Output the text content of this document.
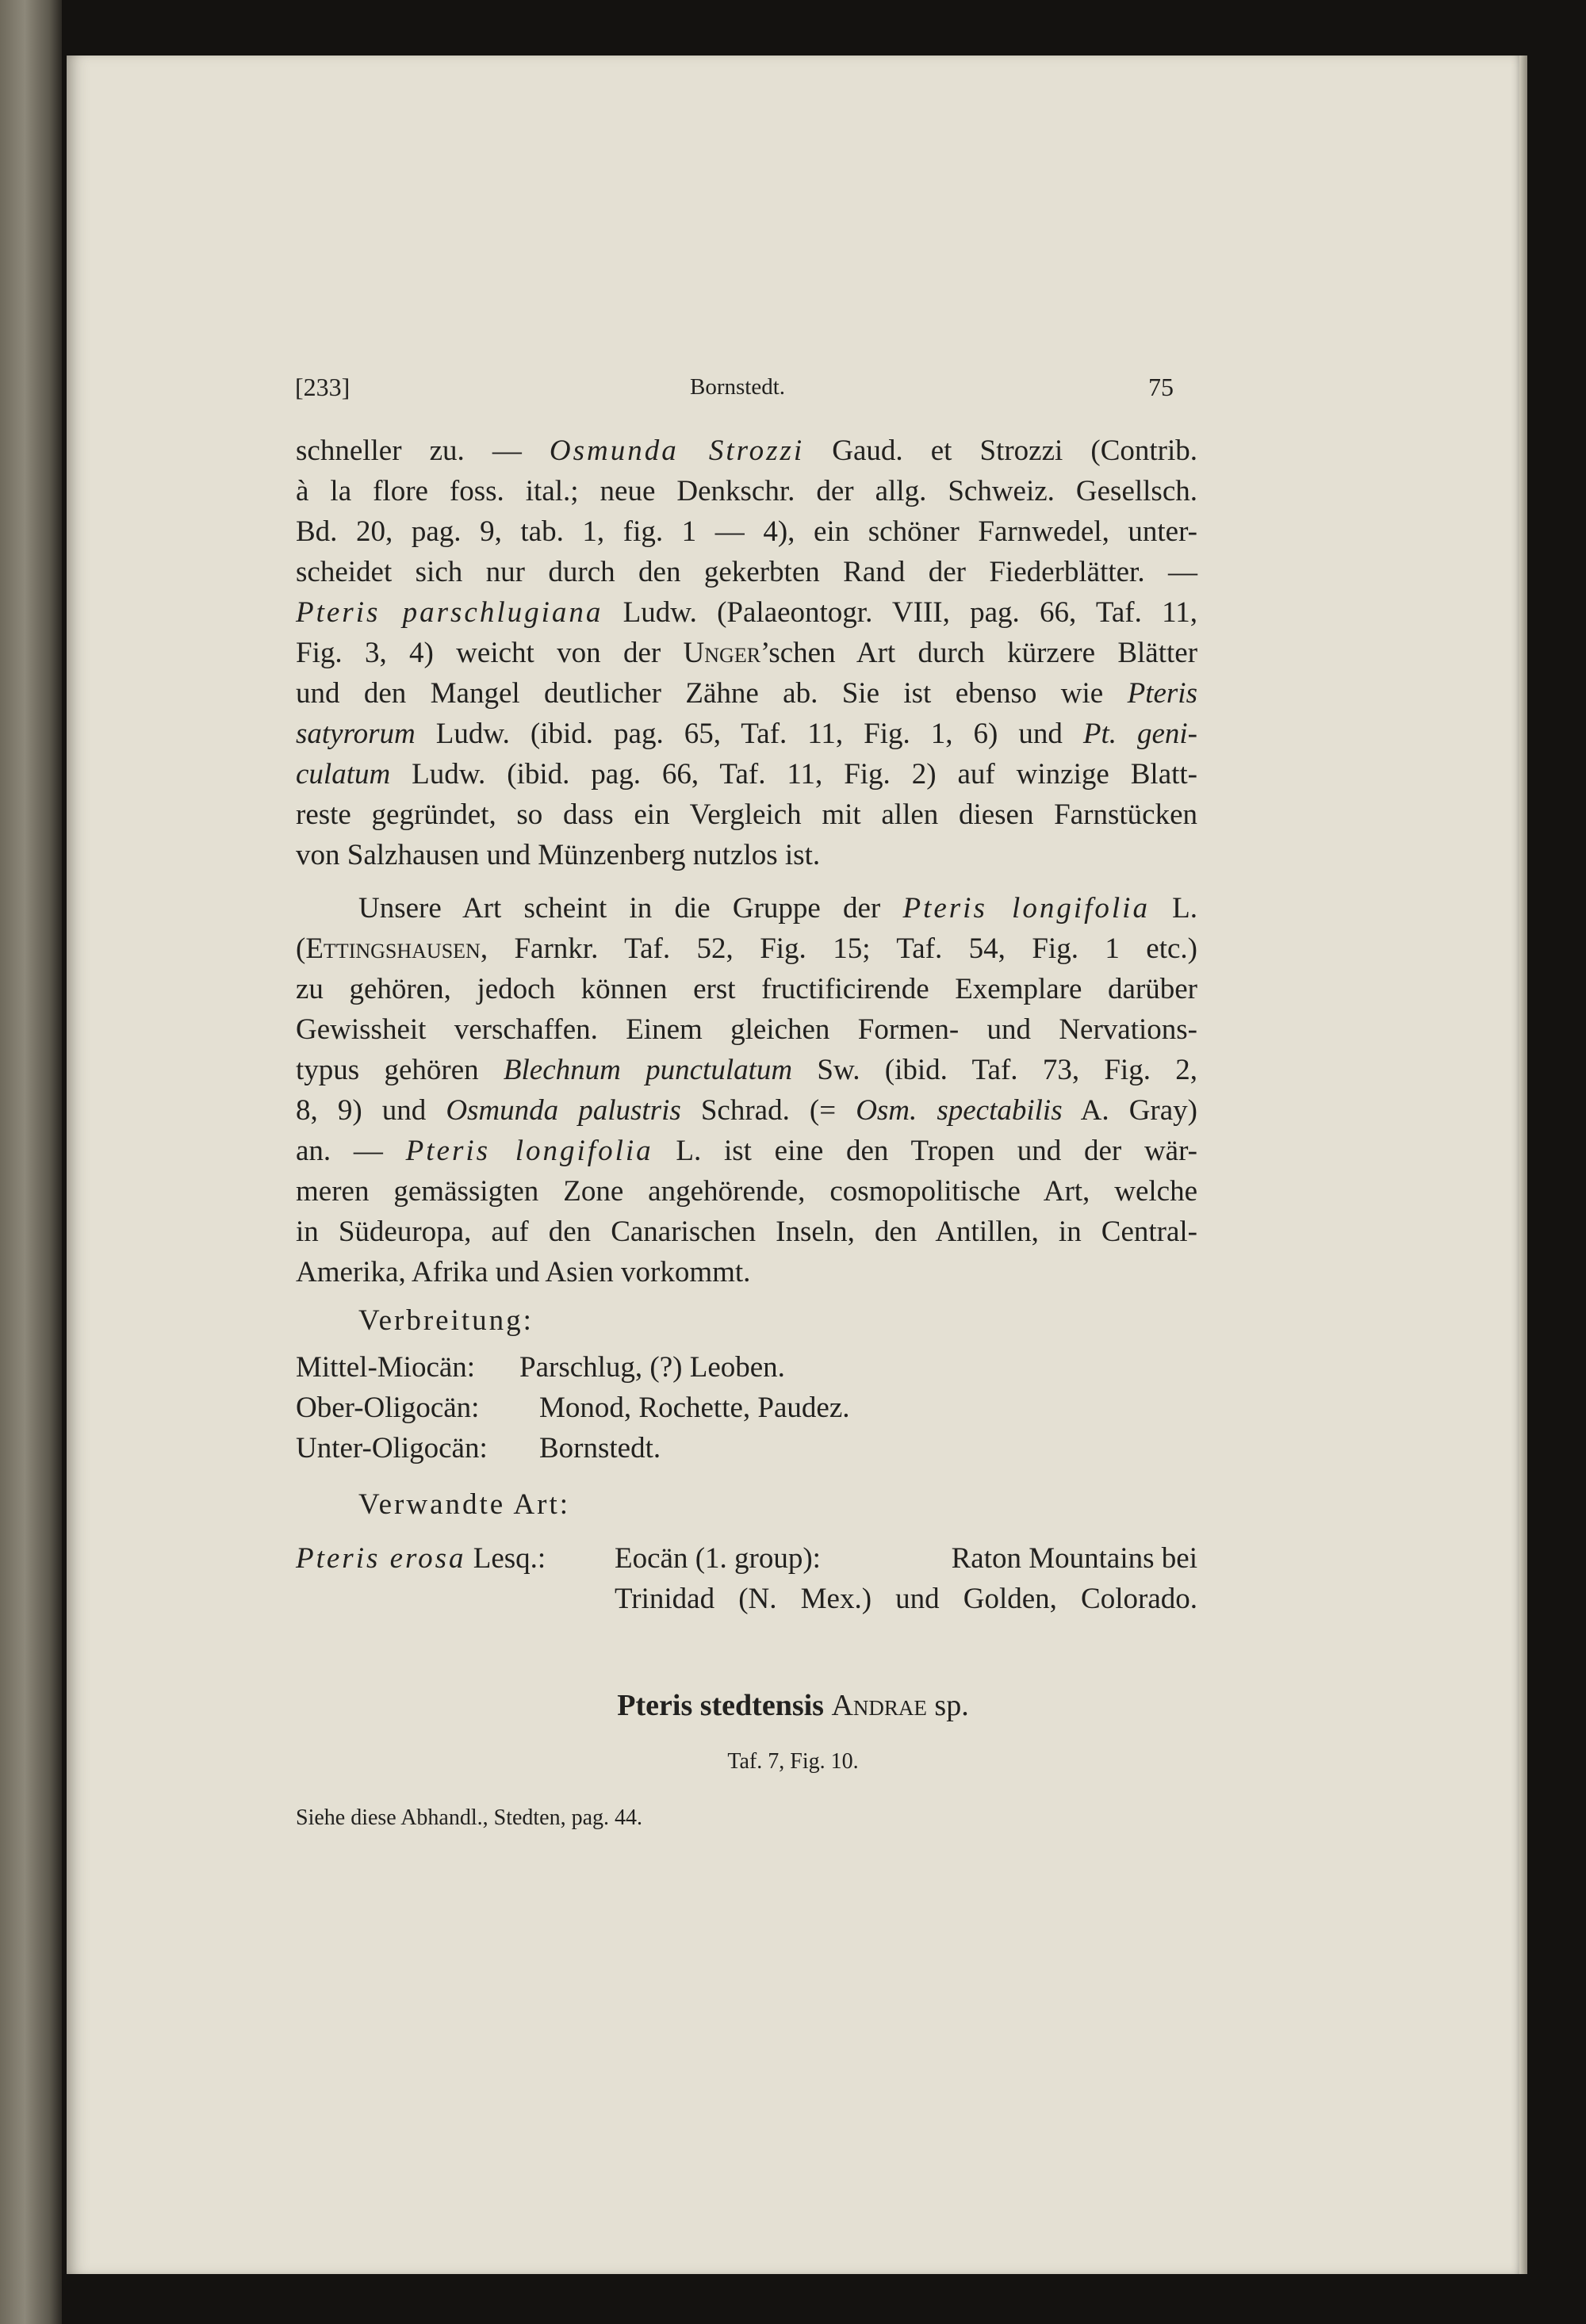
[233]	Bornstedt.	75
schneller zu. — Osmunda Strozzi Gaud. et Strozzi (Contrib.
à la flore foss. ital.; neue Denkschr. der allg. Schweiz. Gesellsch.
Bd. 20, pag. 9, tab. 1, fig. 1 — 4), ein schöner Farnwedel, unter-
scheidet sich nur durch den gekerbten Rand der Fiederblätter. —
Pteris parschlugiana Ludw. (Palaeontogr. VIII, pag. 66, Taf. 11,
Fig. 3, 4) weicht von der Unger’schen Art durch kürzere Blätter
und den Mangel deutlicher Zähne ab. Sie ist ebenso wie Pteris
satyrorum Ludw. (ibid. pag. 65, Taf. 11, Fig. 1, 6) und Pt. geni-
culatum Ludw. (ibid. pag. 66, Taf. 11, Fig. 2) auf winzige Blatt-
reste gegründet, so dass ein Vergleich mit allen diesen Farnstücken
von Salzhausen und Münzenberg nutzlos ist.
Unsere Art scheint in die Gruppe der Pteris longifolia L.
(Ettingshausen, Farnkr. Taf. 52, Fig. 15; Taf. 54, Fig. 1 etc.)
zu gehören, jedoch können erst fructificirende Exemplare darüber
Gewissheit verschaffen. Einem gleichen Formen- und Nervations-
typus gehören Blechnum punctulatum Sw. (ibid. Taf. 73, Fig. 2,
8, 9) und Osmunda palustris Schrad. (= Osm. spectabilis A. Gray)
an. — Pteris longifolia L. ist eine den Tropen und der wär-
meren gemässigten Zone angehörende, cosmopolitische Art, welche
in Südeuropa, auf den Canarischen Inseln, den Antillen, in Central-
Amerika, Afrika und Asien vorkommt.
Verbreitung:
Mittel-Miocän: Parschlug, (?) Leoben.
Ober-Oligocän: Monod, Rochette, Paudez.
Unter-Oligocän: Bornstedt.
Verwandte Art:
Pteris erosa Lesq.: Eocän (1. group):	Raton Mountains bei
Trinidad (N. Mex.) und Golden, Colorado.
Pteris stedtensis Andrae sp.
Taf. 7, Fig. 10.
Siehe diese Abhandl., Stedten, pag. 44.
